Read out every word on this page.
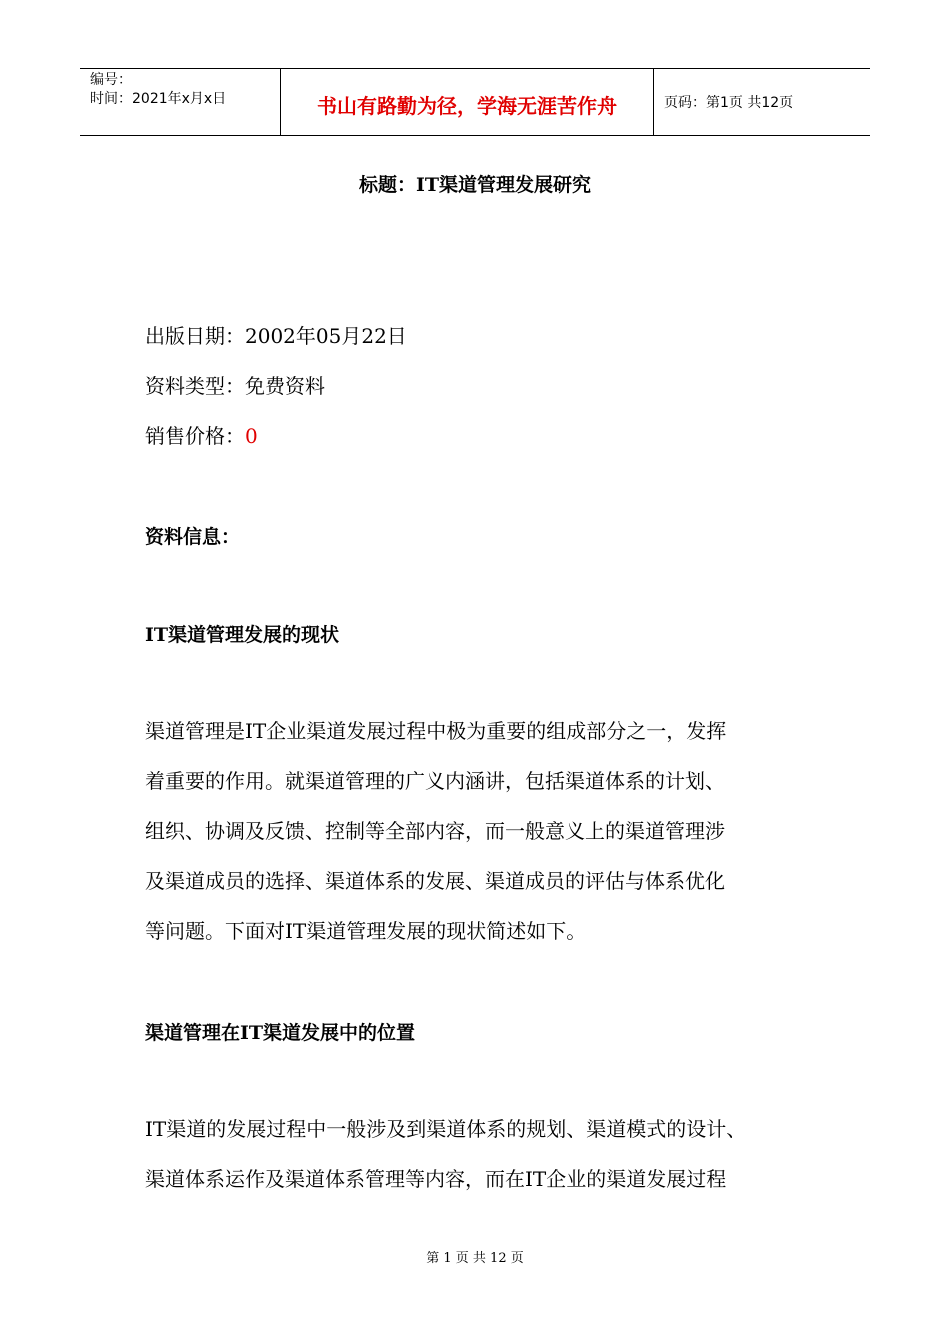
编号：
时间：2021年x月x日	书山有路勤为径，学海无涯苦作舟	页码：第1页 共12页
标题：IT渠道管理发展研究
出版日期：2002年05月22日
资料类型：免费资料
销售价格：0
资料信息：
IT渠道管理发展的现状
渠道管理是IT企业渠道发展过程中极为重要的组成部分之一，发挥
着重要的作用。就渠道管理的广义内涵讲，包括渠道体系的计划、
组织、协调及反馈、控制等全部内容，而一般意义上的渠道管理涉
及渠道成员的选择、渠道体系的发展、渠道成员的评估与体系优化
等问题。下面对IT渠道管理发展的现状简述如下。
渠道管理在IT渠道发展中的位置
IT渠道的发展过程中一般涉及到渠道体系的规划、渠道模式的设计、
渠道体系运作及渠道体系管理等内容，而在IT企业的渠道发展过程
第 1 页 共 12 页
